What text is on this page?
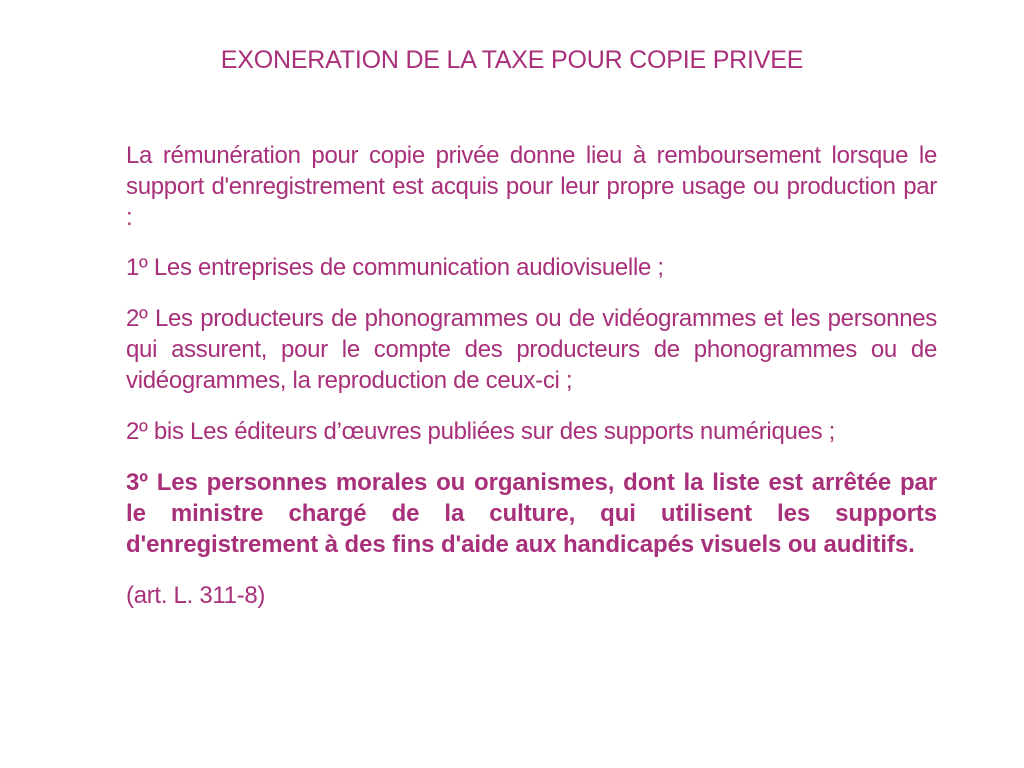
EXONERATION DE LA TAXE POUR COPIE PRIVEE

La rémunération pour copie privée donne lieu à remboursement lorsque le support d'enregistrement est acquis pour leur propre usage ou production par :

1º Les entreprises de communication audiovisuelle ;

2º Les producteurs de phonogrammes ou de vidéogrammes et les personnes qui assurent, pour le compte des producteurs de phonogrammes ou de vidéogrammes, la reproduction de ceux-ci ;

2º bis Les éditeurs d’œuvres publiées sur des supports numériques ;

3º Les personnes morales ou organismes, dont la liste est arrêtée par le ministre chargé de la culture, qui utilisent les supports d'enregistrement à des fins d'aide aux handicapés visuels ou auditifs.

(art. L. 311-8)
